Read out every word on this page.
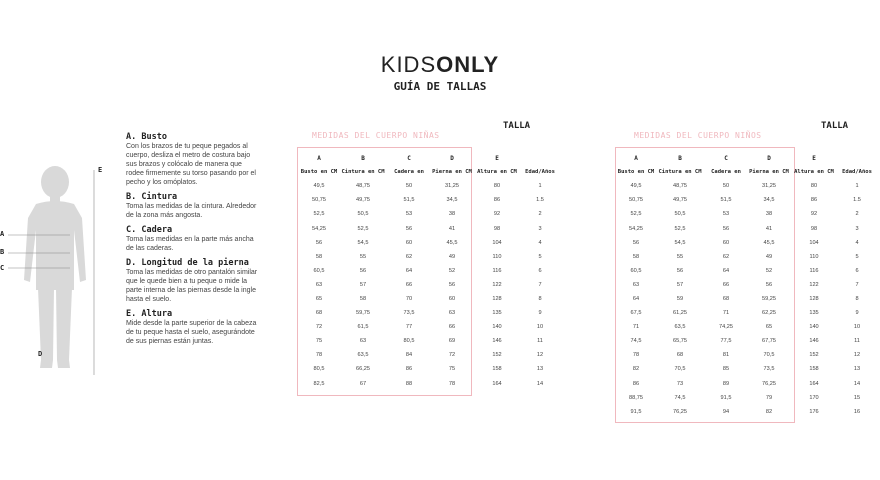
KIDSONLY
GUÍA DE TALLAS
A
B
C
D
E
A. Busto

Con los brazos de tu peque pegados al cuerpo, desliza el metro de costura bajo sus brazos y colócalo de manera que rodee firmemente su torso pasando por el pecho y los omóplatos.

B. Cintura

Toma las medidas de la cintura. Alrededor de la zona más angosta.

C. Cadera

Toma las medidas en la parte más ancha de las caderas.

D. Longitud de la pierna

Toma las medidas de otro pantalón similar que le quede bien a tu peque o mide la parte interna de las piernas desde la ingle hasta el suelo.

E. Altura

Mide desde la parte superior de la cabeza de tu peque hasta el suelo, asegurándote de sus piernas están juntas.

MEDIDAS DEL CUERPO NIÑAS
TALLA
A	B	C	D	E	
Busto en CM	Cintura en CM	Cadera en	Pierna en CM	Altura en CM	Edad/Años
49,5	48,75	50	31,25	80	1
50,75	49,75	51,5	34,5	86	1.5
52,5	50,5	53	38	92	2
54,25	52,5	56	41	98	3
56	54,5	60	45,5	104	4
58	55	62	49	110	5
60,5	56	64	52	116	6
63	57	66	56	122	7
65	58	70	60	128	8
68	59,75	73,5	63	135	9
72	61,5	77	66	140	10
75	63	80,5	69	146	11
78	63,5	84	72	152	12
80,5	66,25	86	75	158	13
82,5	67	88	78	164	14
MEDIDAS DEL CUERPO NIÑOS
TALLA
A	B	C	D	E	
Busto en CM	Cintura en CM	Cadera en	Pierna en CM	Altura en CM	Edad/Años
49,5	48,75	50	31,25	80	1
50,75	49,75	51,5	34,5	86	1.5
52,5	50,5	53	38	92	2
54,25	52,5	56	41	98	3
56	54,5	60	45,5	104	4
58	55	62	49	110	5
60,5	56	64	52	116	6
63	57	66	56	122	7
64	59	68	59,25	128	8
67,5	61,25	71	62,25	135	9
71	63,5	74,25	65	140	10
74,5	65,75	77,5	67,75	146	11
78	68	81	70,5	152	12
82	70,5	85	73,5	158	13
86	73	89	76,25	164	14
88,75	74,5	91,5	79	170	15
91,5	76,25	94	82	176	16
